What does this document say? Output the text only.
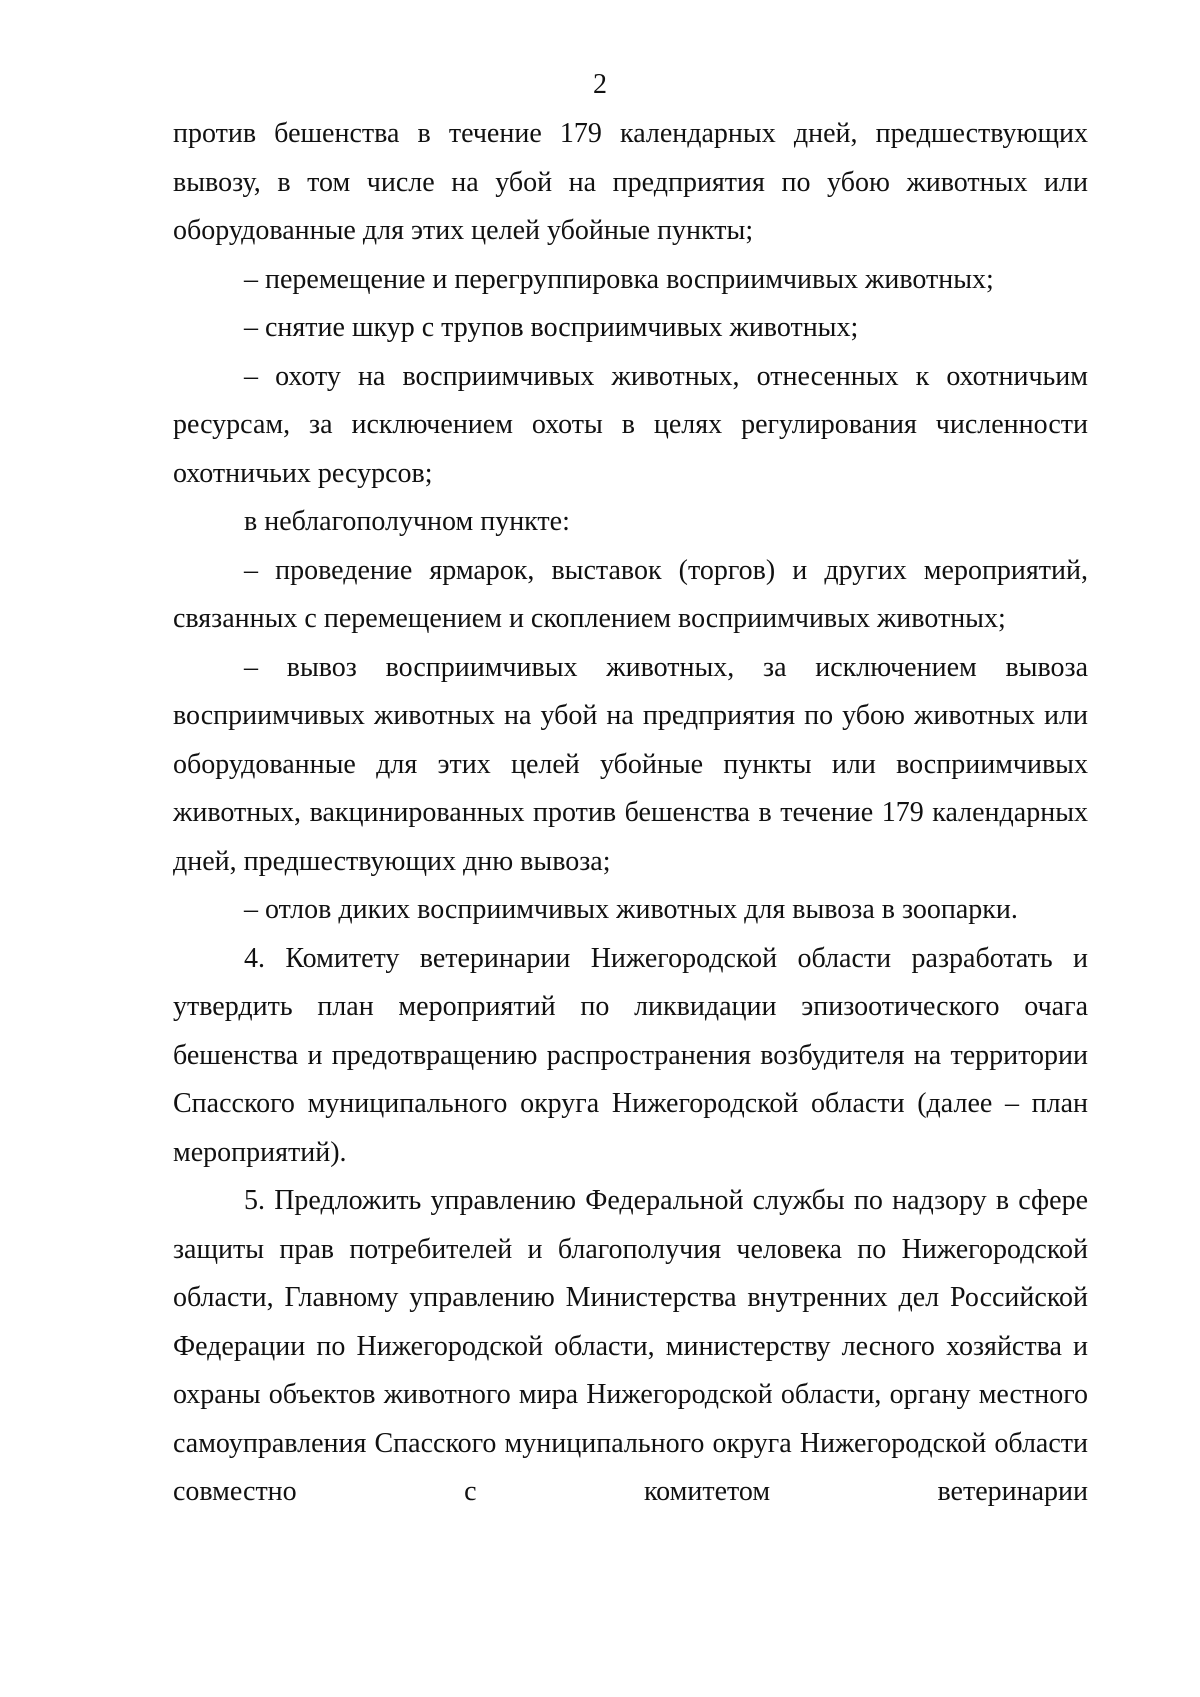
2

против бешенства в течение 179 календарных дней, предшествующих вывозу, в том числе на убой на предприятия по убою животных или оборудованные для этих целей убойные пункты;

– перемещение и перегруппировка восприимчивых животных;

– снятие шкур с трупов восприимчивых животных;

– охоту на восприимчивых животных, отнесенных к охотничьим ресурсам, за исключением охоты в целях регулирования численности охотничьих ресурсов;

в неблагополучном пункте:

– проведение ярмарок, выставок (торгов) и других мероприятий, связанных с перемещением и скоплением восприимчивых животных;

– вывоз восприимчивых животных, за исключением вывоза восприимчивых животных на убой на предприятия по убою животных или оборудованные для этих целей убойные пункты или восприимчивых животных, вакцинированных против бешенства в течение 179 календарных дней, предшествующих дню вывоза;

– отлов диких восприимчивых животных для вывоза в зоопарки.

4. Комитету ветеринарии Нижегородской области разработать и утвердить план мероприятий по ликвидации эпизоотического очага бешенства и предотвращению распространения возбудителя на территории Спасского муниципального округа Нижегородской области (далее – план мероприятий).

5. Предложить управлению Федеральной службы по надзору в сфере защиты прав потребителей и благополучия человека по Нижегородской области, Главному управлению Министерства внутренних дел Российской Федерации по Нижегородской области, министерству лесного хозяйства и охраны объектов животного мира Нижегородской области, органу местного самоуправления Спасского муниципального округа Нижегородской области совместно с комитетом ветеринарии
